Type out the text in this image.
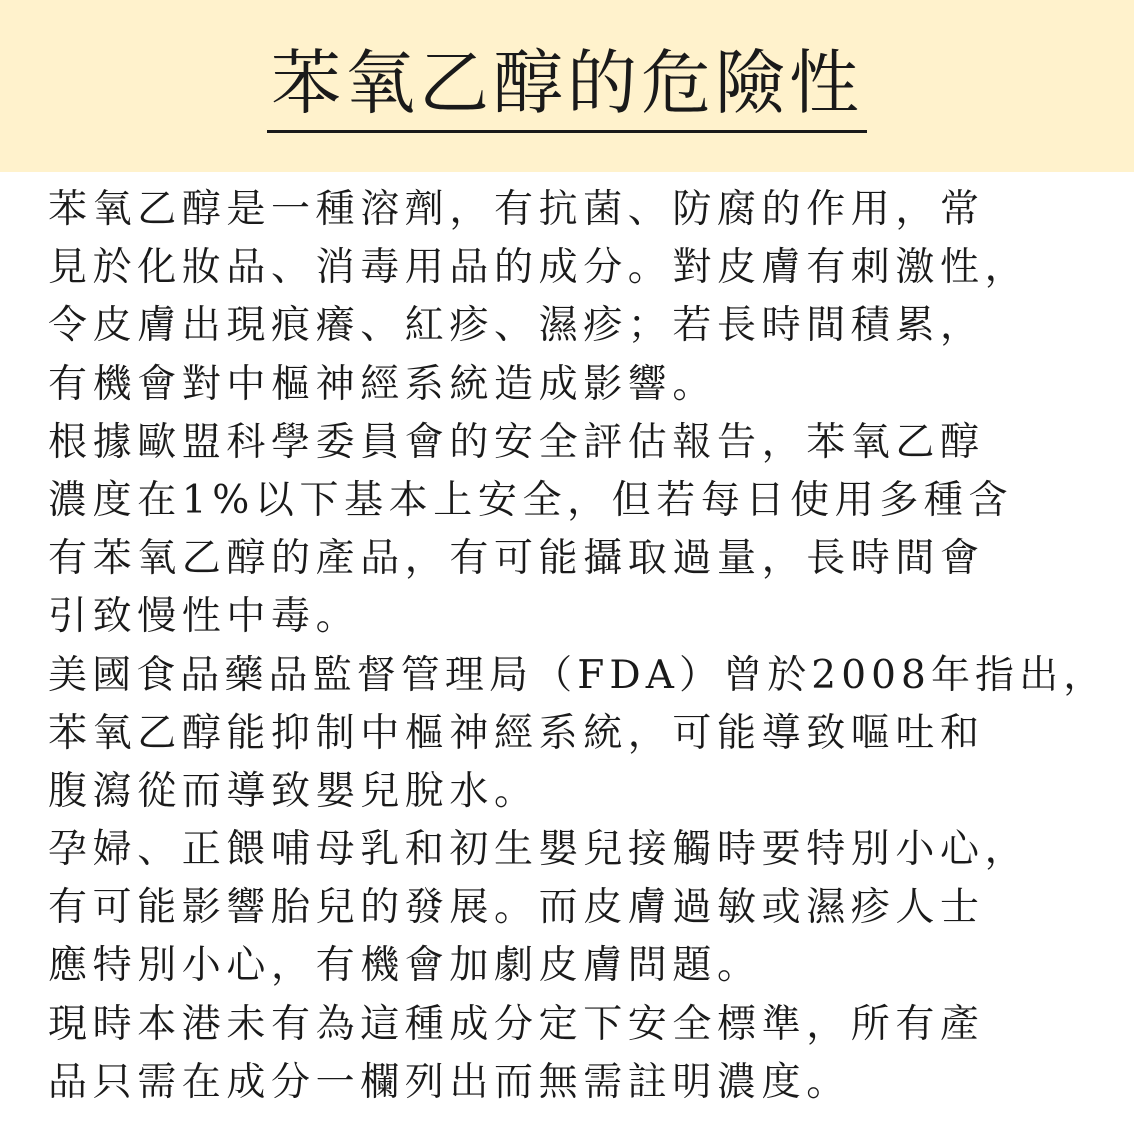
苯氧乙醇的危險性

苯氧乙醇是一種溶劑，有抗菌、防腐的作用，常

見於化妝品、消毒用品的成分。對皮膚有刺激性，

令皮膚出現痕癢、紅疹、濕疹；若長時間積累，

有機會對中樞神經系統造成影響。

根據歐盟科學委員會的安全評估報告，苯氧乙醇

濃度在1%以下基本上安全，但若每日使用多種含

有苯氧乙醇的產品，有可能攝取過量，長時間會

引致慢性中毒。

美國食品藥品監督管理局（FDA）曾於2008年指出，

苯氧乙醇能抑制中樞神經系統，可能導致嘔吐和

腹瀉從而導致嬰兒脫水。

孕婦、正餵哺母乳和初生嬰兒接觸時要特別小心，

有可能影響胎兒的發展。而皮膚過敏或濕疹人士

應特別小心，有機會加劇皮膚問題。

現時本港未有為這種成分定下安全標準，所有產

品只需在成分一欄列出而無需註明濃度。
